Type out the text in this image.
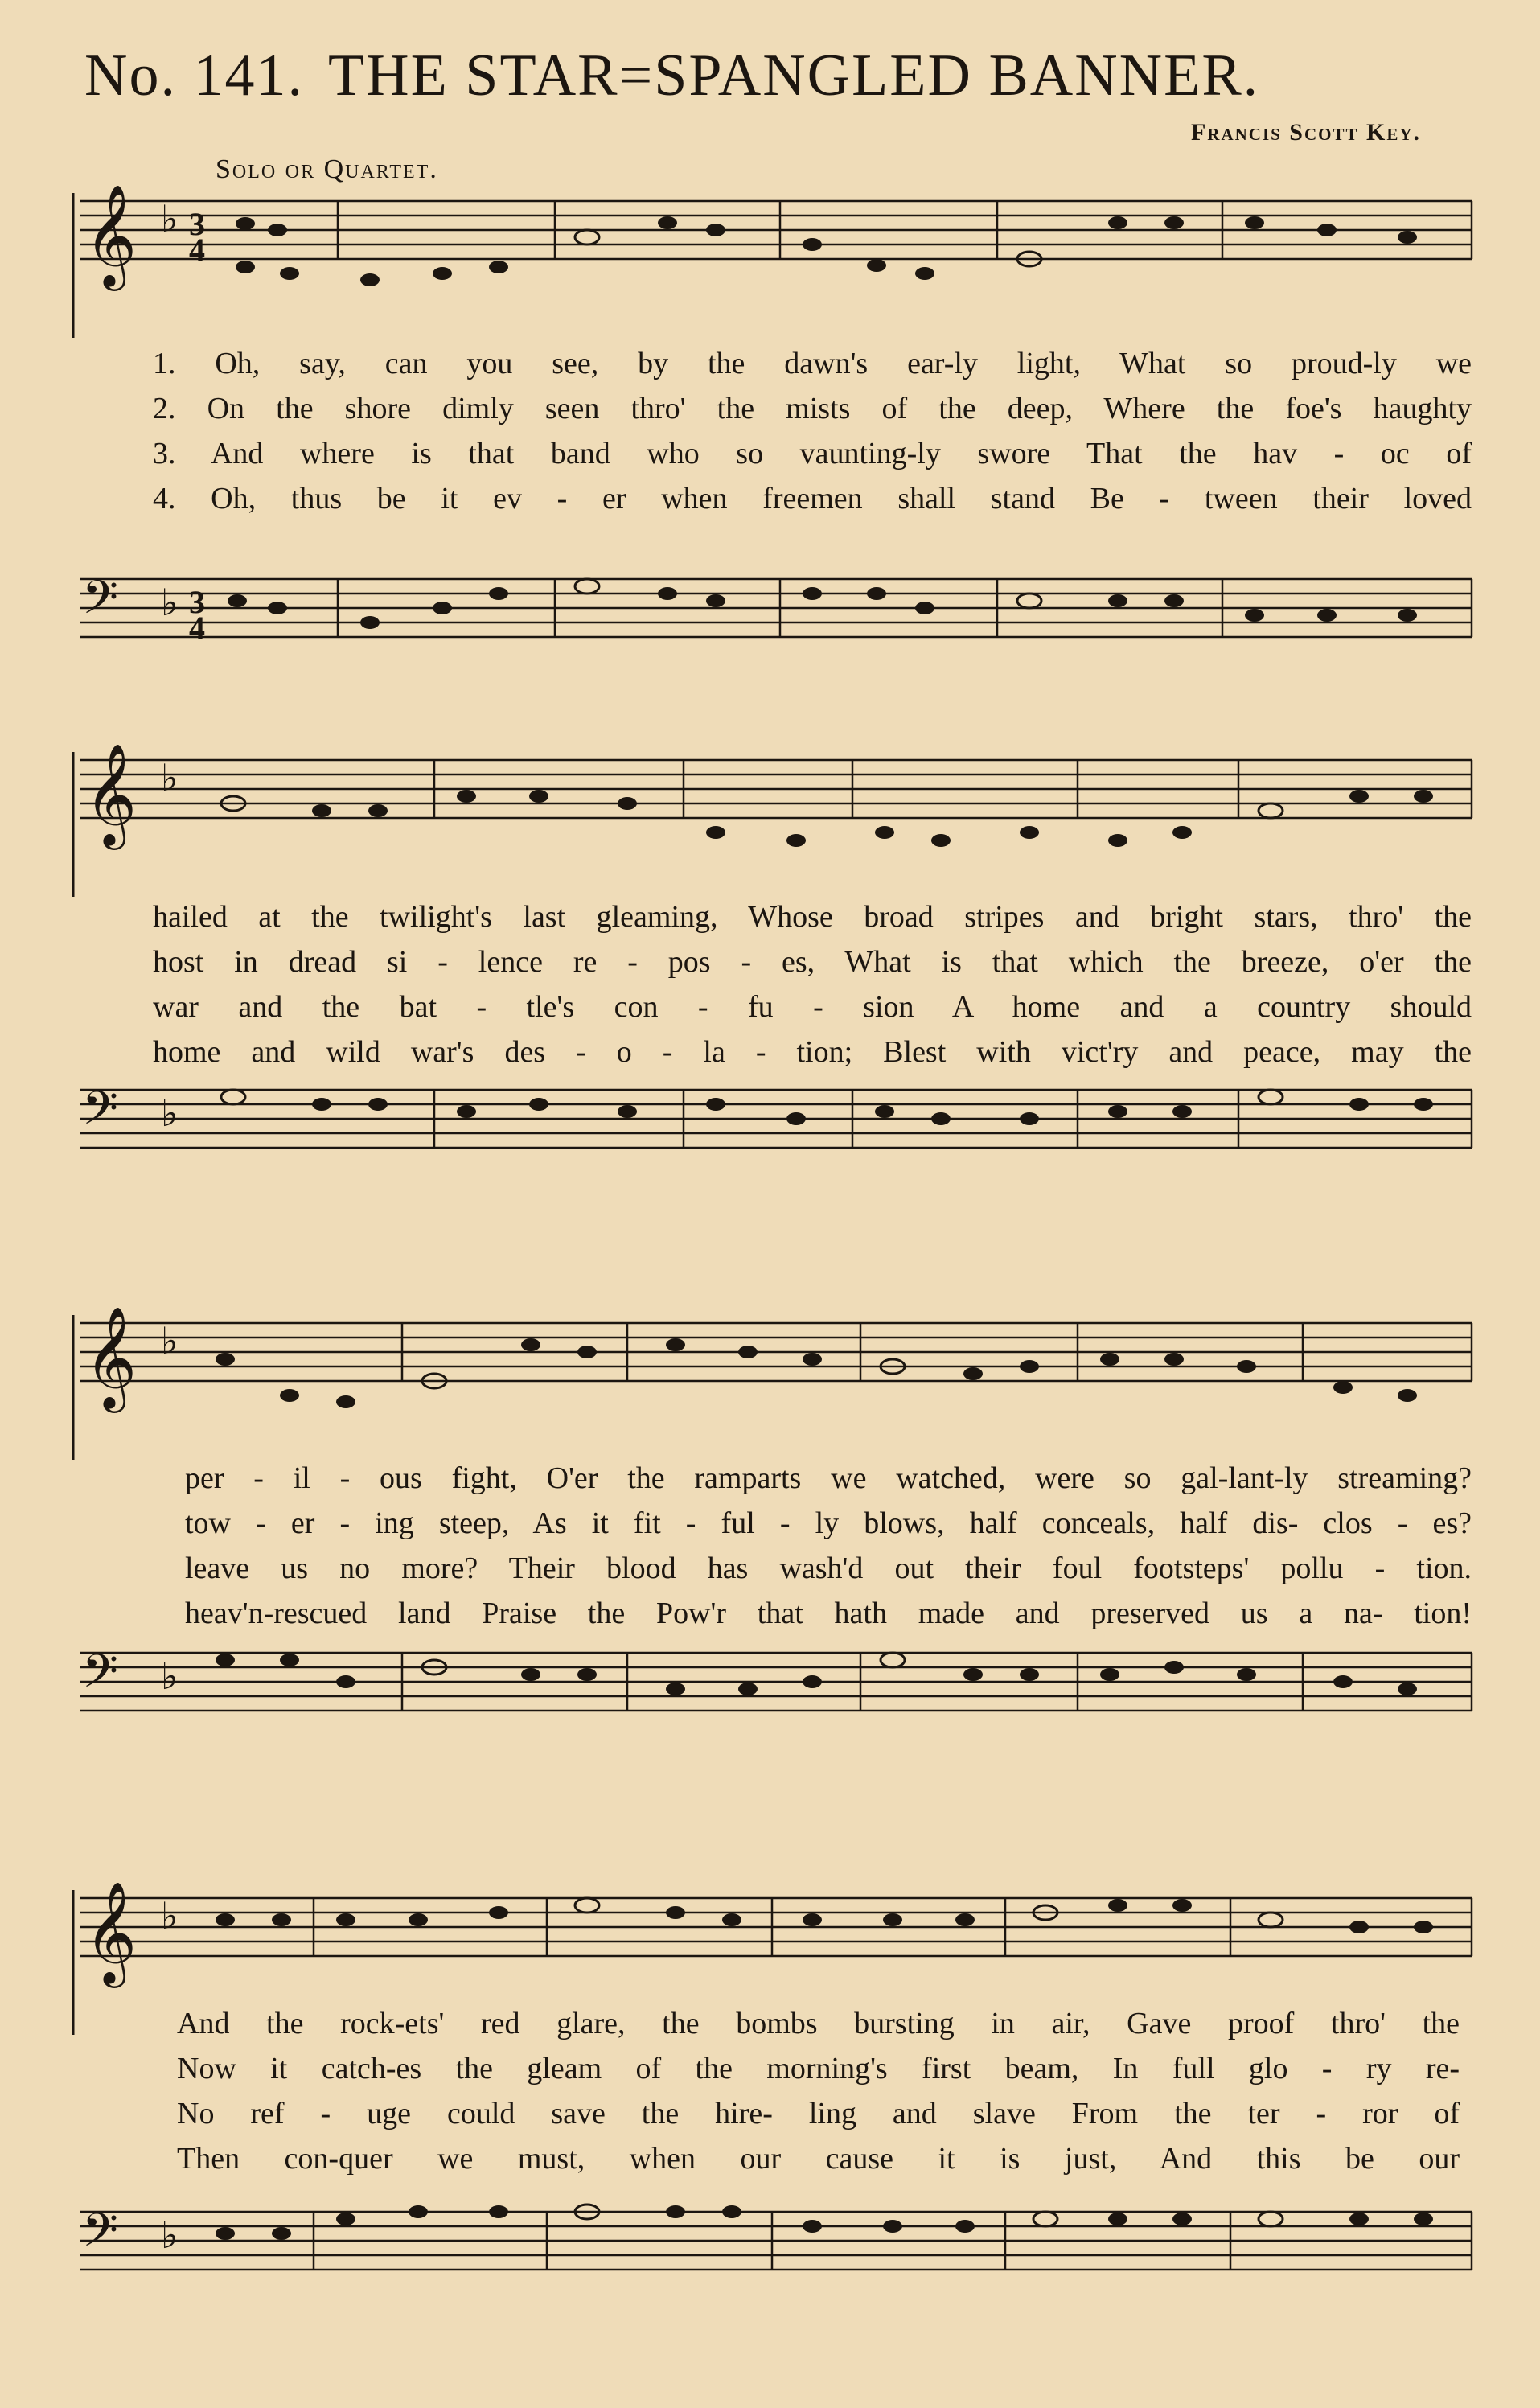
No. 141. THE STAR=SPANGLED BANNER.
Francis Scott Key.
Solo or Quartet.
𝄞 ♭ 3
4
𝄢 ♭ 3
4
1. Oh, say, can you see, by the dawn's ear-ly light, What so proud-ly we
2. On the shore dimly seen thro' the mists of the deep, Where the foe's haughty
3. And where is that band who so vaunting-ly swore That the hav - oc of
4. Oh, thus be it ev - er when freemen shall stand Be - tween their loved
𝄞 ♭
𝄢 ♭
hailed at the twilight's last gleaming, Whose broad stripes and bright stars, thro' the
host in dread si - lence re - pos - es, What is that which the breeze, o'er the
war and the bat - tle's con - fu - sion A home and a country should
home and wild war's des - o - la - tion; Blest with vict'ry and peace, may the
𝄞 ♭
𝄢 ♭
per - il - ous fight, O'er the ramparts we watched, were so gal-lant-ly streaming?
tow - er - ing steep, As it fit - ful - ly blows, half conceals, half dis- clos - es?
leave us no more? Their blood has wash'd out their foul footsteps' pollu - tion.
heav'n-rescued land Praise the Pow'r that hath made and preserved us a na- tion!
𝄞 ♭
𝄢 ♭
And the rock-ets' red glare, the bombs bursting in air, Gave proof thro' the
Now it catch-es the gleam of the morning's first beam, In full glo - ry re-
No ref - uge could save the hire- ling and slave From the ter - ror of
Then con-quer we must, when our cause it is just, And this be our
